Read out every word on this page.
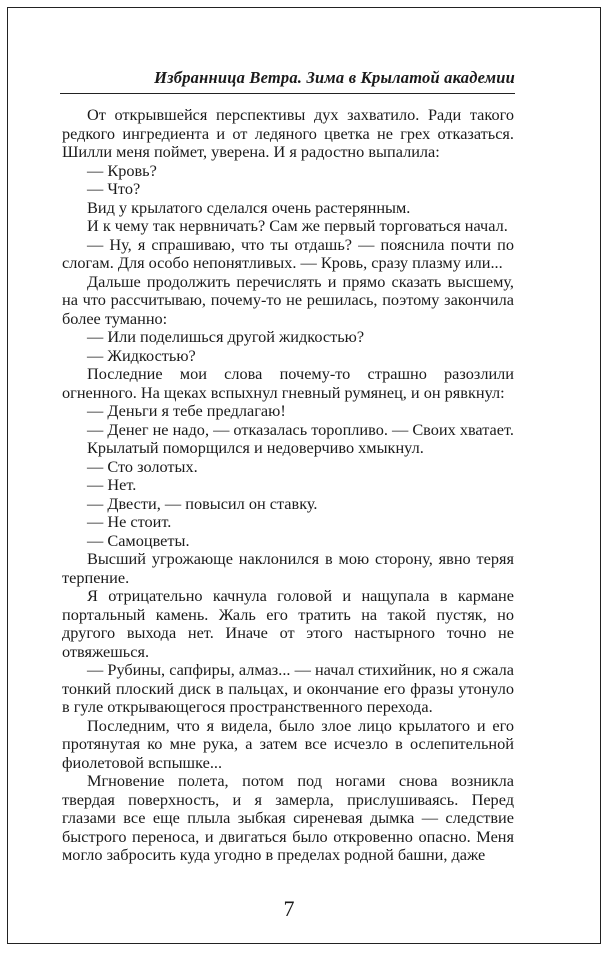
Избранница Ветра. Зима в Крылатой академии

От открывшейся перспективы дух захватило. Ради такого редкого ингредиента и от ледяного цветка не грех отказаться. Шилли меня поймет, уверена. И я радостно выпалила:

— Кровь?

— Что?

Вид у крылатого сделался очень растерянным.

И к чему так нервничать? Сам же первый торговаться начал.

— Ну, я спрашиваю, что ты отдашь? — пояснила почти по слогам. Для особо непонятливых. — Кровь, сразу плазму или...

Дальше продолжить перечислять и прямо сказать высшему, на что рассчитываю, почему-то не решилась, поэтому закончила более туманно:

— Или поделишься другой жидкостью?

— Жидкостью?

Последние мои слова почему-то страшно разозлили огненного. На щеках вспыхнул гневный румянец, и он рявкнул:

— Деньги я тебе предлагаю!

— Денег не надо, — отказалась торопливо. — Своих хватает.

Крылатый поморщился и недоверчиво хмыкнул.

— Сто золотых.

— Нет.

— Двести, — повысил он ставку.

— Не стоит.

— Самоцветы.

Высший угрожающе наклонился в мою сторону, явно теряя терпение.

Я отрицательно качнула головой и нащупала в кармане портальный камень. Жаль его тратить на такой пустяк, но другого выхода нет. Иначе от этого настырного точно не отвяжешься.

— Рубины, сапфиры, алмаз... — начал стихийник, но я сжала тонкий плоский диск в пальцах, и окончание его фразы утонуло в гуле открывающегося пространственного перехода.

Последним, что я видела, было злое лицо крылатого и его протянутая ко мне рука, а затем все исчезло в ослепительной фиолетовой вспышке...

Мгновение полета, потом под ногами снова возникла твердая поверхность, и я замерла, прислушиваясь. Перед глазами все еще плыла зыбкая сиреневая дымка — следствие быстрого переноса, и двигаться было откровенно опасно. Меня могло забросить куда угодно в пределах родной башни, даже

7
